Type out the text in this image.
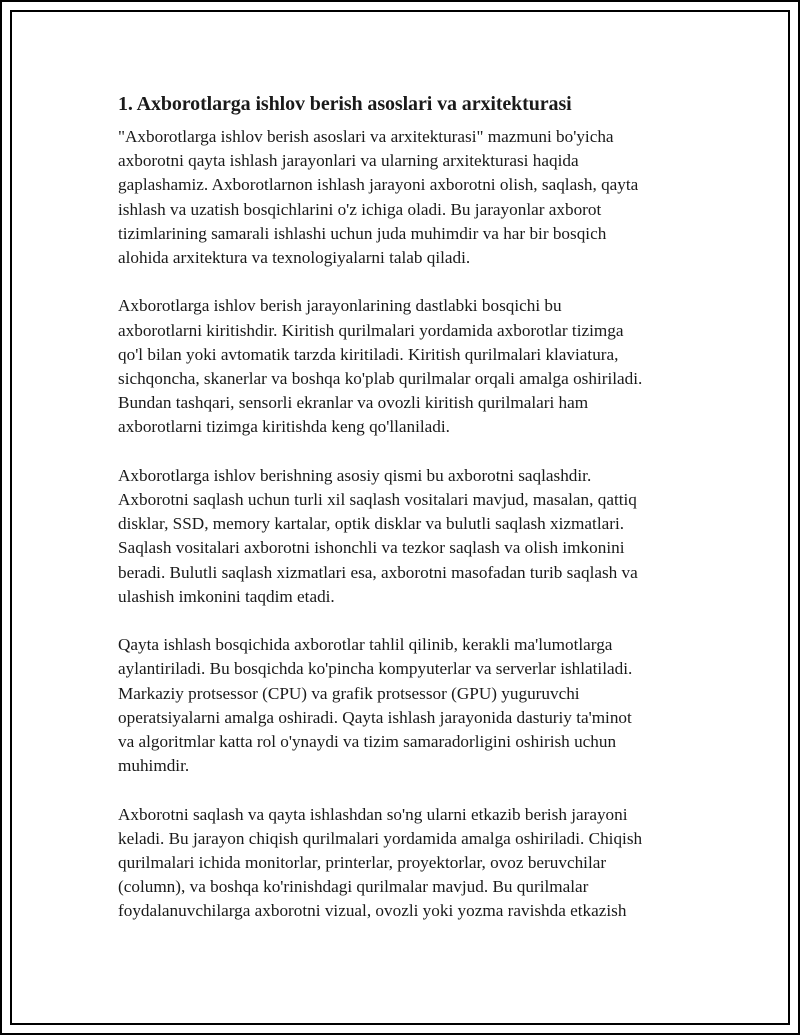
1. Axborotlarga ishlov berish asoslari va arxitekturasi

"Axborotlarga ishlov berish asoslari va arxitekturasi" mazmuni bo'yicha
axborotni qayta ishlash jarayonlari va ularning arxitekturasi haqida
gaplashamiz. Axborotlarnon ishlash jarayoni axborotni olish, saqlash, qayta
ishlash va uzatish bosqichlarini o'z ichiga oladi. Bu jarayonlar axborot
tizimlarining samarali ishlashi uchun juda muhimdir va har bir bosqich
alohida arxitektura va texnologiyalarni talab qiladi.

Axborotlarga ishlov berish jarayonlarining dastlabki bosqichi bu
axborotlarni kiritishdir. Kiritish qurilmalari yordamida axborotlar tizimga
qo'l bilan yoki avtomatik tarzda kiritiladi. Kiritish qurilmalari klaviatura,
sichqoncha, skanerlar va boshqa ko'plab qurilmalar orqali amalga oshiriladi.
Bundan tashqari, sensorli ekranlar va ovozli kiritish qurilmalari ham
axborotlarni tizimga kiritishda keng qo'llaniladi.

Axborotlarga ishlov berishning asosiy qismi bu axborotni saqlashdir.
Axborotni saqlash uchun turli xil saqlash vositalari mavjud, masalan, qattiq
disklar, SSD, memory kartalar, optik disklar va bulutli saqlash xizmatlari.
Saqlash vositalari axborotni ishonchli va tezkor saqlash va olish imkonini
beradi. Bulutli saqlash xizmatlari esa, axborotni masofadan turib saqlash va
ulashish imkonini taqdim etadi.

Qayta ishlash bosqichida axborotlar tahlil qilinib, kerakli ma'lumotlarga
aylantiriladi. Bu bosqichda ko'pincha kompyuterlar va serverlar ishlatiladi.
Markaziy protsessor (CPU) va grafik protsessor (GPU) yuguruvchi
operatsiyalarni amalga oshiradi. Qayta ishlash jarayonida dasturiy ta'minot
va algoritmlar katta rol o'ynaydi va tizim samaradorligini oshirish uchun
muhimdir.

Axborotni saqlash va qayta ishlashdan so'ng ularni etkazib berish jarayoni
keladi. Bu jarayon chiqish qurilmalari yordamida amalga oshiriladi. Chiqish
qurilmalari ichida monitorlar, printerlar, proyektorlar, ovoz beruvchilar
(column), va boshqa ko'rinishdagi qurilmalar mavjud. Bu qurilmalar
foydalanuvchilarga axborotni vizual, ovozli yoki yozma ravishda etkazish
